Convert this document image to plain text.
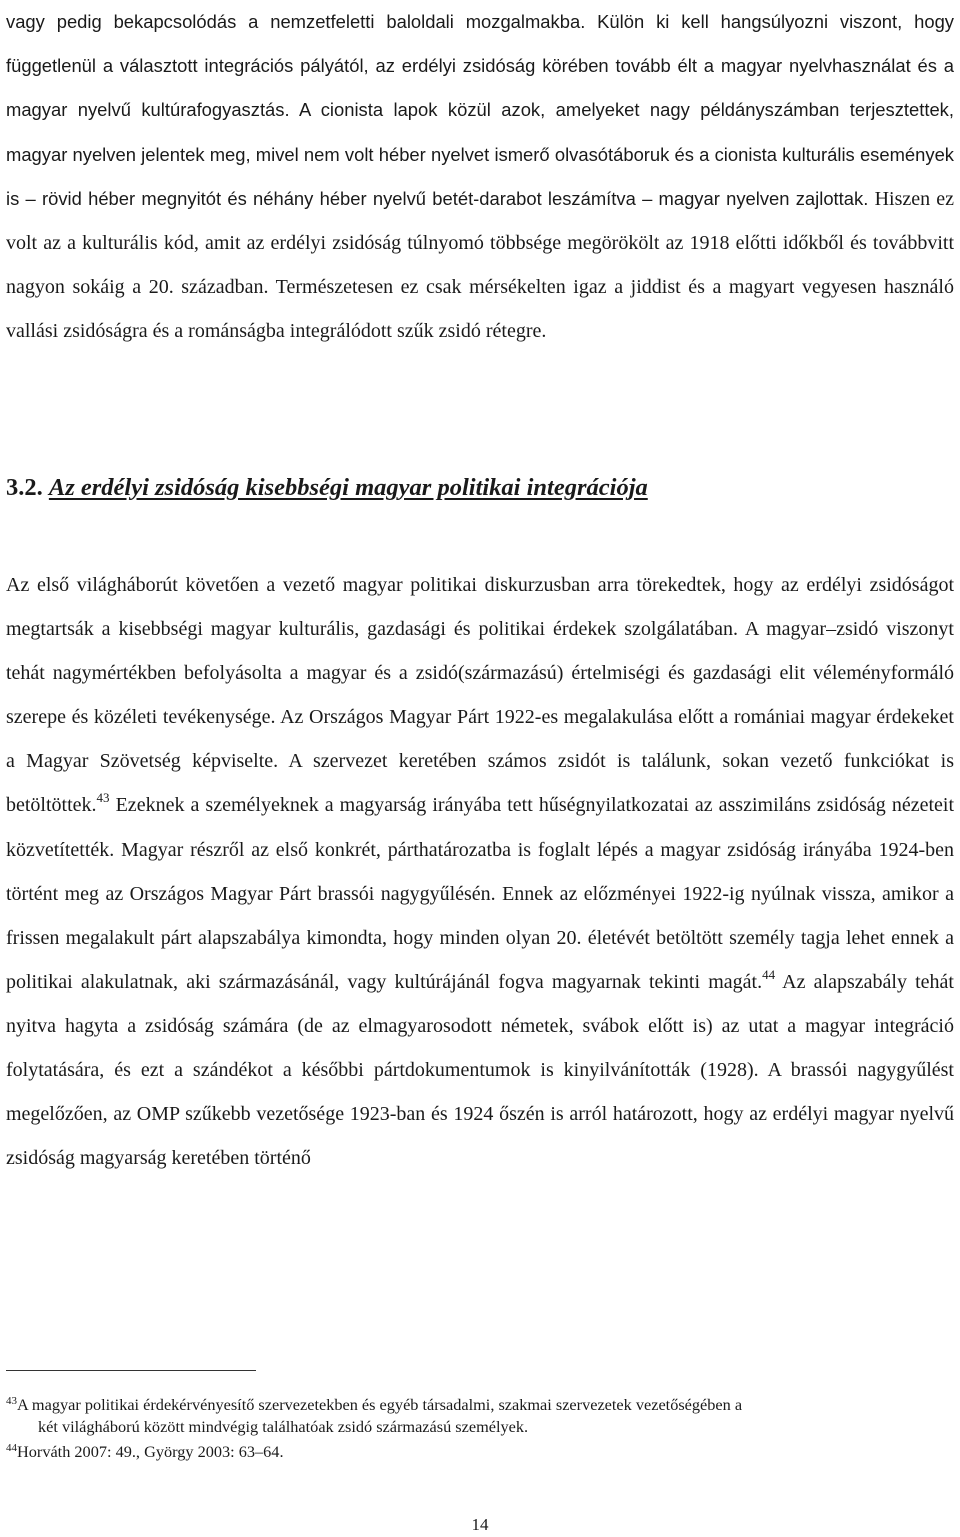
vagy pedig bekapcsolódás a nemzetfeletti baloldali mozgalmakba. Külön ki kell hangsúlyozni viszont, hogy függetlenül a választott integrációs pályától, az erdélyi zsidóság körében tovább élt a magyar nyelvhasználat és a magyar nyelvű kultúrafogyasztás. A cionista lapok közül azok, amelyeket nagy példányszámban terjesztettek, magyar nyelven jelentek meg, mivel nem volt héber nyelvet ismerő olvasótáboruk és a cionista kulturális események is – rövid héber megnyitót és néhány héber nyelvű betét-darabot leszámítva – magyar nyelven zajlottak. Hiszen ez volt az a kulturális kód, amit az erdélyi zsidóság túlnyomó többsége megörökölt az 1918 előtti időkből és továbbvitt nagyon sokáig a 20. században. Természetesen ez csak mérsékelten igaz a jiddist és a magyart vegyesen használó vallási zsidóságra és a románságba integrálódott szűk zsidó rétegre.

3.2. Az erdélyi zsidóság kisebbségi magyar politikai integrációja

Az első világháborút követően a vezető magyar politikai diskurzusban arra törekedtek, hogy az erdélyi zsidóságot megtartsák a kisebbségi magyar kulturális, gazdasági és politikai érdekek szolgálatában. A magyar–zsidó viszonyt tehát nagymértékben befolyásolta a magyar és a zsidó(származású) értelmiségi és gazdasági elit véleményformáló szerepe és közéleti tevékenysége. Az Országos Magyar Párt 1922-es megalakulása előtt a romániai magyar érdekeket a Magyar Szövetség képviselte. A szervezet keretében számos zsidót is találunk, sokan vezető funkciókat is betöltöttek.$^{43}$ Ezeknek a személyeknek a magyarság irányába tett hűségnyilatkozatai az asszimiláns zsidóság nézeteit közvetítették. Magyar részről az első konkrét, párthatározatba is foglalt lépés a magyar zsidóság irányába 1924-ben történt meg az Országos Magyar Párt brassói nagygyűlésén. Ennek az előzményei 1922-ig nyúlnak vissza, amikor a frissen megalakult párt alapszabálya kimondta, hogy minden olyan 20. életévét betöltött személy tagja lehet ennek a politikai alakulatnak, aki származásánál, vagy kultúrájánál fogva magyarnak tekinti magát.$^{44}$ Az alapszabály tehát nyitva hagyta a zsidóság számára (de az elmagyarosodott németek, svábok előtt is) az utat a magyar integráció folytatására, és ezt a szándékot a későbbi pártdokumentumok is kinyilvánították (1928). A brassói nagygyűlést megelőzően, az OMP szűkebb vezetősége 1923-ban és 1924 őszén is arról határozott, hogy az erdélyi magyar nyelvű zsidóság magyarság keretében történő

$^{43}$A magyar politikai érdekérvényesítő szervezetekben és egyéb társadalmi, szakmai szervezetek vezetőségében a
két világháború között mindvégig találhatóak zsidó származású személyek.

$^{44}$Horváth 2007: 49., György 2003: 63–64.

14
